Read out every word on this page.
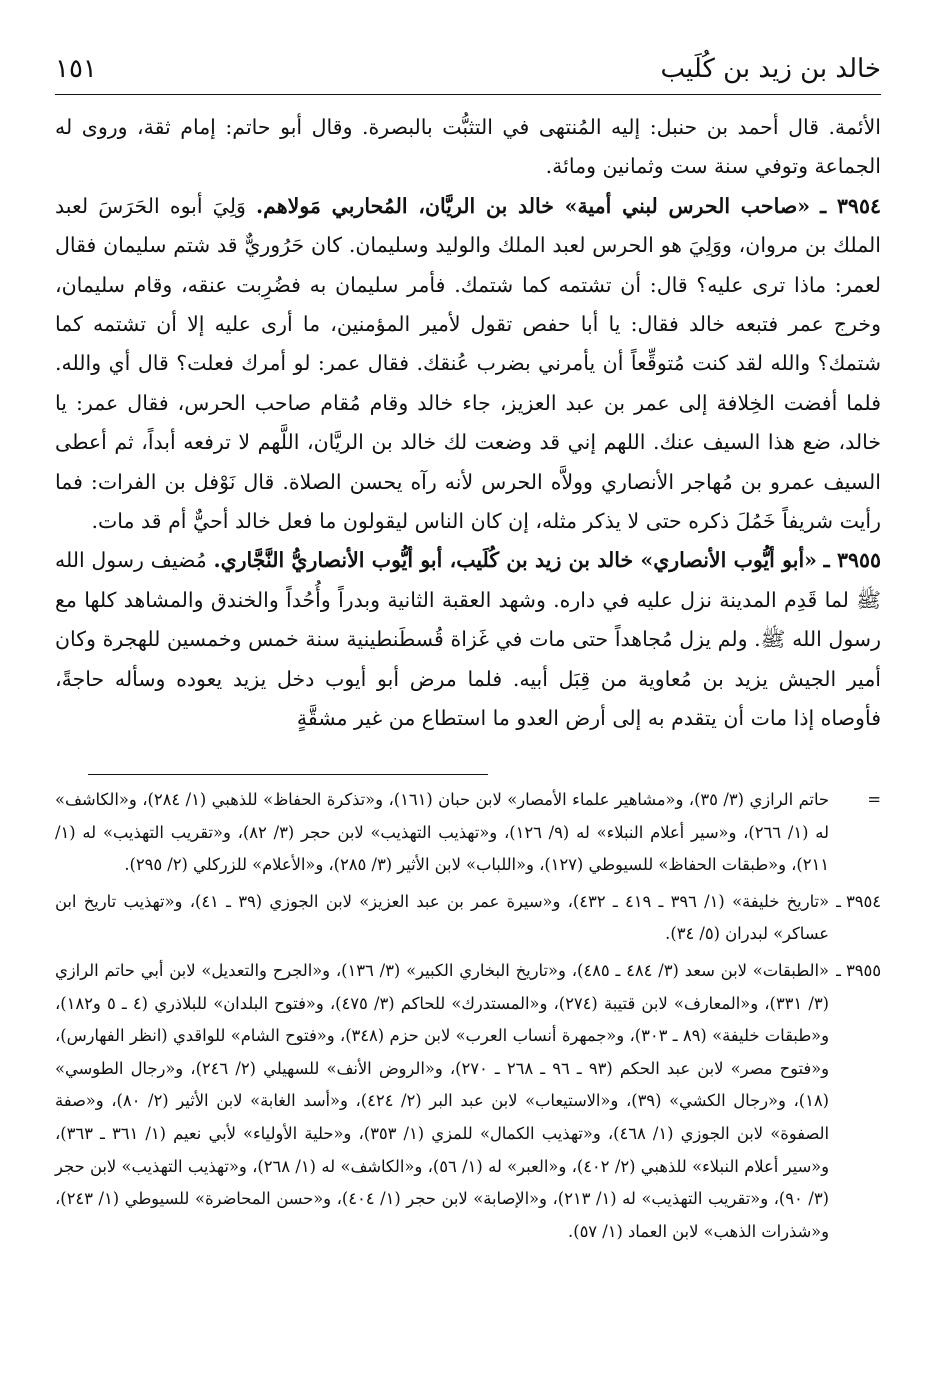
خالد بن زيد بن كُلَيب
١٥١

الأئمة. قال أحمد بن حنبل: إليه المُنتهى في التثبُّت بالبصرة. وقال أبو حاتم: إمام ثقة، وروى له الجماعة وتوفي سنة ست وثمانين ومائة.

٣٩٥٤ ـ «صاحب الحرس لبني أمية» خالد بن الريَّان، المُحاربي مَولاهم. وَلِيَ أبوه الحَرَسَ لعبد الملك بن مروان، ووَلِيَ هو الحرس لعبد الملك والوليد وسليمان. كان حَرُوريٌّ قد شتم سليمان فقال لعمر: ماذا ترى عليه؟ قال: أن تشتمه كما شتمك. فأمر سليمان به فضُرِبت عنقه، وقام سليمان، وخرج عمر فتبعه خالد فقال: يا أبا حفص تقول لأمير المؤمنين، ما أرى عليه إلا أن تشتمه كما شتمك؟ والله لقد كنت مُتوقِّعاً أن يأمرني بضرب عُنقك. فقال عمر: لو أمرك فعلت؟ قال أي والله. فلما أفضت الخِلافة إلى عمر بن عبد العزيز، جاء خالد وقام مُقام صاحب الحرس، فقال عمر: يا خالد، ضع هذا السيف عنك. اللهم إني قد وضعت لك خالد بن الريَّان، اللَّهم لا ترفعه أبداً، ثم أعطى السيف عمرو بن مُهاجر الأنصاري وولاَّه الحرس لأنه رآه يحسن الصلاة. قال نَوْفل بن الفرات: فما رأيت شريفاً خَمُلَ ذكره حتى لا يذكر مثله، إن كان الناس ليقولون ما فعل خالد أحيٌّ أم قد مات.

٣٩٥٥ ـ «أبو أيُّوب الأنصاري» خالد بن زيد بن كُلَيب، أبو أيُّوب الأنصاريُّ النَّجَّاري. مُضيف رسول الله ﷺ لما قَدِم المدينة نزل عليه في داره. وشهد العقبة الثانية وبدراً وأُحُداً والخندق والمشاهد كلها مع رسول الله ﷺ. ولم يزل مُجاهداً حتى مات في غَزاة قُسطَنطينية سنة خمس وخمسين للهجرة وكان أمير الجيش يزيد بن مُعاوية من قِبَل أبيه. فلما مرض أبو أيوب دخل يزيد يعوده وسأله حاجةً، فأوصاه إذا مات أن يتقدم به إلى أرض العدو ما استطاع من غير مشقَّةٍ

=
حاتم الرازي (٣/ ٣٥)، و«مشاهير علماء الأمصار» لابن حبان (١٦١)، و«تذكرة الحفاظ» للذهبي (١/ ٢٨٤)، و«الكاشف» له (١/ ٢٦٦)، و«سير أعلام النبلاء» له (٩/ ١٢٦)، و«تهذيب التهذيب» لابن حجر (٣/ ٨٢)، و«تقريب التهذيب» له (١/ ٢١١)، و«طبقات الحفاظ» للسيوطي (١٢٧)، و«اللباب» لابن الأثير (٣/ ٢٨٥)، و«الأعلام» للزركلي (٢/ ٢٩٥).
٣٩٥٤ ـ
«تاريخ خليفة» (١/ ٣٩٦ ـ ٤١٩ ـ ٤٣٢)، و«سيرة عمر بن عبد العزيز» لابن الجوزي (٣٩ ـ ٤١)، و«تهذيب تاريخ ابن عساكر» لبدران (٥/ ٣٤).
٣٩٥٥ ـ
«الطبقات» لابن سعد (٣/ ٤٨٤ ـ ٤٨٥)، و«تاريخ البخاري الكبير» (٣/ ١٣٦)، و«الجرح والتعديل» لابن أبي حاتم الرازي (٣/ ٣٣١)، و«المعارف» لابن قتيبة (٢٧٤)، و«المستدرك» للحاكم (٣/ ٤٧٥)، و«فتوح البلدان» للبلاذري (٤ ـ ٥ و١٨٢)، و«طبقات خليفة» (٨٩ ـ ٣٠٣)، و«جمهرة أنساب العرب» لابن حزم (٣٤٨)، و«فتوح الشام» للواقدي (انظر الفهارس)، و«فتوح مصر» لابن عبد الحكم (٩٣ ـ ٩٦ ـ ٢٦٨ ـ ٢٧٠)، و«الروض الأنف» للسهيلي (٢/ ٢٤٦)، و«رجال الطوسي» (١٨)، و«رجال الكشي» (٣٩)، و«الاستيعاب» لابن عبد البر (٢/ ٤٢٤)، و«أسد الغابة» لابن الأثير (٢/ ٨٠)، و«صفة الصفوة» لابن الجوزي (١/ ٤٦٨)، و«تهذيب الكمال» للمزي (١/ ٣٥٣)، و«حلية الأولياء» لأبي نعيم (١/ ٣٦١ ـ ٣٦٣)، و«سير أعلام النبلاء» للذهبي (٢/ ٤٠٢)، و«العبر» له (١/ ٥٦)، و«الكاشف» له (١/ ٢٦٨)، و«تهذيب التهذيب» لابن حجر (٣/ ٩٠)، و«تقريب التهذيب» له (١/ ٢١٣)، و«الإصابة» لابن حجر (١/ ٤٠٤)، و«حسن المحاضرة» للسيوطي (١/ ٢٤٣)، و«شذرات الذهب» لابن العماد (١/ ٥٧).
